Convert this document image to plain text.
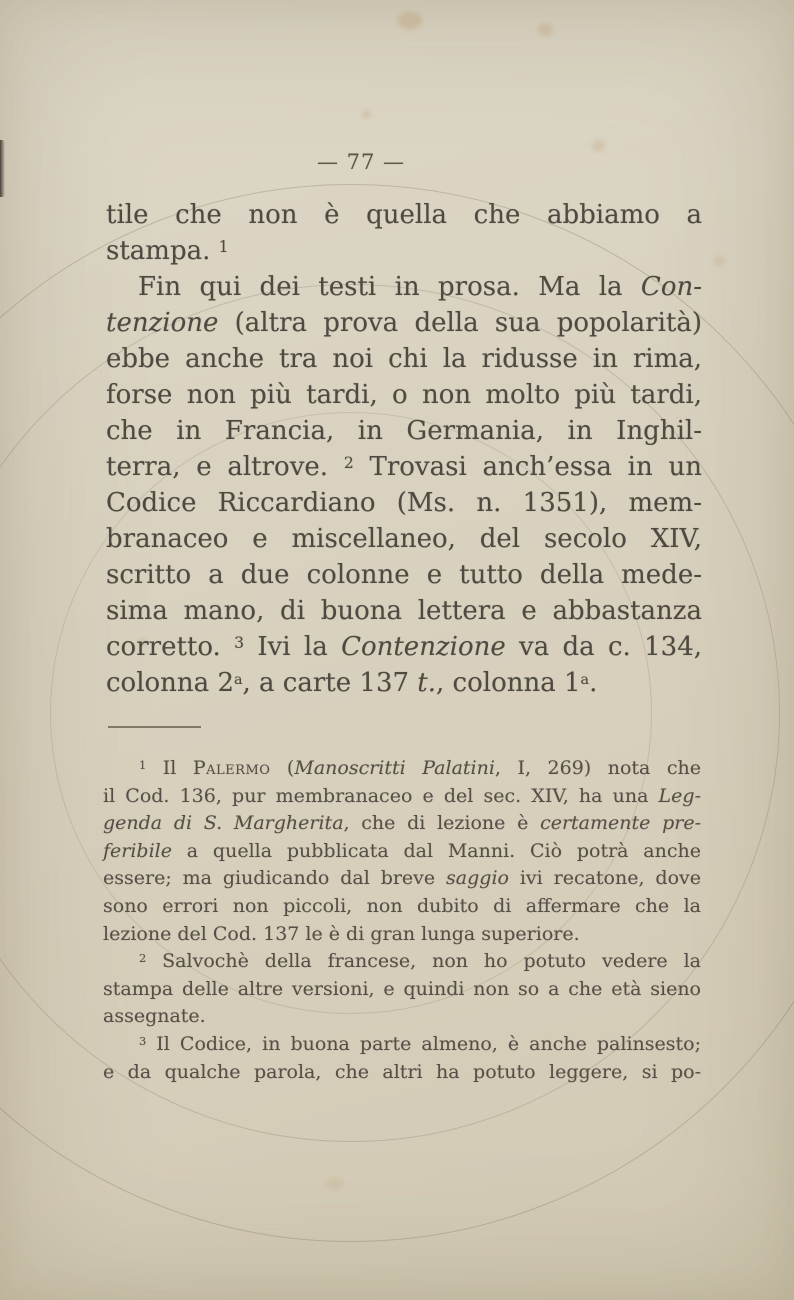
— 77 —
tile che non è quella che abbiamo a
stampa. $^1$
Fin qui dei testi in prosa. Ma la Con-
tenzione (altra prova della sua popolarità)
ebbe anche tra noi chi la ridusse in rima,
forse non più tardi, o non molto più tardi,
che in Francia, in Germania, in Inghil-
terra, e altrove. $^2$ Trovasi anch’essa in un
Codice Riccardiano (Ms. n. 1351), mem-
branaceo e miscellaneo, del secolo XIV,
scritto a due colonne e tutto della mede-
sima mano, di buona lettera e abbastanza
corretto. $^3$ Ivi la Contenzione va da c. 134,
colonna 2$^a$, a carte 137 t., colonna 1$^a$.
$^1$ Il Palermo (Manoscritti Palatini, I, 269) nota che
il Cod. 136, pur membranaceo e del sec. XIV, ha una Leg-
genda di S. Margherita, che di lezione è certamente pre-
feribile a quella pubblicata dal Manni. Ciò potrà anche
essere; ma giudicando dal breve saggio ivi recatone, dove
sono errori non piccoli, non dubito di affermare che la
lezione del Cod. 137 le è di gran lunga superiore.
$^2$ Salvochè della francese, non ho potuto vedere la
stampa delle altre versioni, e quindi non so a che età sieno
assegnate.
$^3$ Il Codice, in buona parte almeno, è anche palinsesto;
e da qualche parola, che altri ha potuto leggere, si po-
